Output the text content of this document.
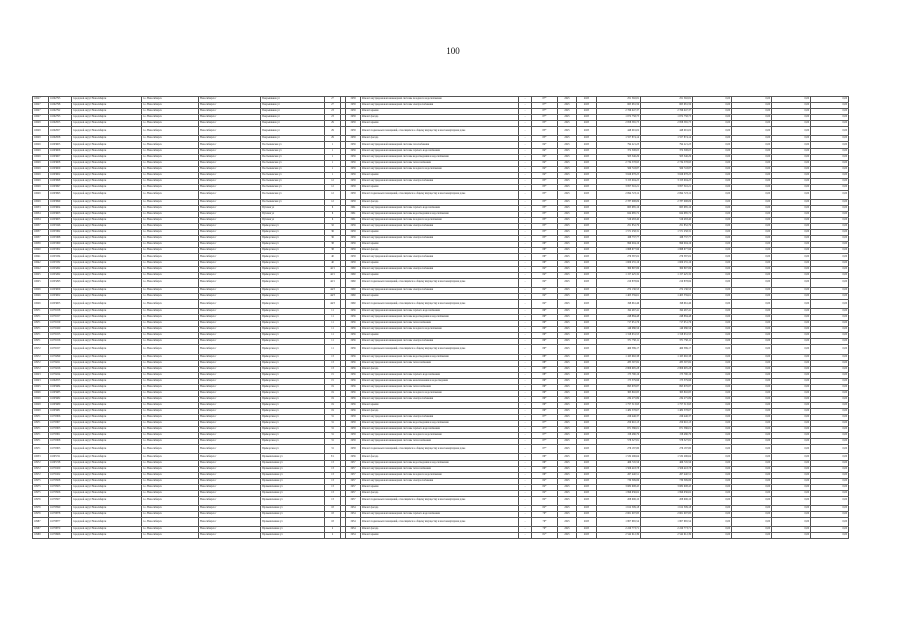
100
10627	11062795	городской округ Новосибирск	г.о. Новосибирск	Новосибирск г	Покрышкина ул	27		1958	Ремонт внутридомовой инженерной системы холодного водоснабжения	-	87*	2025	2025	251 592,81	251 592,81	0,00	0,00	0,00	0,00
10627	11062798	городской округ Новосибирск	г.о. Новосибирск	Новосибирск г	Покрышкина ул	27		1958	Ремонт внутридомовой инженерной системы электроснабжения	-	87*	2025	2025	665 981,59	665 981,59	0,00	0,00	0,00	0,00
10627	11062792	городской округ Новосибирск	г.о. Новосибирск	Новосибирск г	Покрышкина ул	23		1958	Ремонт крыши	-	87*	2025	2025	2 766 047,37	2 766 047,37	0,00	0,00	0,00	0,00
10627	11062793	городской округ Новосибирск	г.о. Новосибирск	Новосибирск г	Покрышкина ул	23		1958	Ремонт фасада	-	87*	2025	2025	1 672 758,75	1 672 758,75	0,00	0,00	0,00	0,00
10628	11062955	городской округ Новосибирск	г.о. Новосибирск	Новосибирск г	Покрышкина ул	29		1958	Ремонт крыши	-	85*	2025	2025	2 858 565,75	2 858 565,75	0,00	0,00	0,00	0,00
10628	11062957	городской округ Новосибирск	г.о. Новосибирск	Новосибирск г	Покрышкина ул	29		1958	Ремонт подвальных помещений, относящихся к общему имуществу в многоквартирном доме	-	85*	2025	2025	448 091,02	448 091,02	0,00	0,00	0,00	0,00
10628	11062958	городской округ Новосибирск	г.о. Новосибирск	Новосибирск г	Покрышкина ул	29		1958	Ремонт фасада	-	85*	2025	2025	1 557 874,14	1 557 874,14	0,00	0,00	0,00	0,00
10629	11063605	городской округ Новосибирск	г.о. Новосибирск	Новосибирск г	Постышевская ул	1		1959	Ремонт внутридомовой инженерной системы газоснабжения	-	84*	2025	2025	794 221,23	794 221,23	0,00	0,00	0,00	0,00
10629	11063606	городской округ Новосибирск	г.о. Новосибирск	Новосибирск г	Постышевская ул	1		1959	Ремонт внутридомовой инженерной системы горячего водоснабжения	-	84*	2025	2025	372 308,05	372 308,05	0,00	0,00	0,00	0,00
10629	11063607	городской округ Новосибирск	г.о. Новосибирск	Новосибирск г	Постышевская ул	1		1959	Ремонт внутридомовой инженерной системы водоотведения и водоснабжения	-	84*	2025	2025	503 346,29	503 346,29	0,00	0,00	0,00	0,00
10629	11063608	городской округ Новосибирск	г.о. Новосибирск	Новосибирск г	Постышевская ул	1		1959	Ремонт внутридомовой инженерной системы теплоснабжения	-	84*	2025	2025	2 734 578,95	2 734 578,95	0,00	0,00	0,00	0,00
10629	11063609	городской округ Новосибирск	г.о. Новосибирск	Новосибирск г	Постышевская ул	1		1959	Ремонт внутридомовой инженерной системы холодного водоснабжения	-	84*	2025	2025	560 743,87	560 743,87	0,00	0,00	0,00	0,00
10629	11063602	городской округ Новосибирск	г.о. Новосибирск	Новосибирск г	Постышевская ул	1		1959	Ремонт крыши	-	84*	2025	2025	3 626 978,25	3 626 978,25	0,00	0,00	0,00	0,00
10629	11063998	городской округ Новосибирск	г.о. Новосибирск	Новосибирск г	Постышевская ул	12		1958	Ремонт внутридомовой инженерной системы электроснабжения	-	85*	2025	2025	3 153 004,25	3 153 004,25	0,00	0,00	0,00	0,00
10629	11063997	городской округ Новосибирск	г.о. Новосибирск	Новосибирск г	Постышевская ул	12		1958	Ремонт крыши	-	85*	2025	2025	3 857 316,21	3 857 316,21	0,00	0,00	0,00	0,00
10629	11063993	городской округ Новосибирск	г.о. Новосибирск	Новосибирск г	Постышевская ул	12		1958	Ремонт подвальных помещений, относящихся к общему имуществу в многоквартирном доме	-	85*	2025	2025	2 694 723,12	2 694 723,12	0,00	0,00	0,00	0,00
10629	11063999	городской округ Новосибирск	г.о. Новосибирск	Новосибирск г	Постышевская ул	12		1958	Ремонт фасада	-	85*	2025	2025	2 787 098,09	2 787 098,09	0,00	0,00	0,00	0,00
10633	11003604	городской округ Новосибирск	г.о. Новосибирск	Новосибирск г	Путевая ул	6		1961	Ремонт внутридомовой инженерной системы горячего водоснабжения	-	83*	2025	2025	665 985,16	665 985,16	0,00	0,00	0,00	0,00
10634	11003603	городской округ Новосибирск	г.о. Новосибирск	Новосибирск г	Путевая ул	6		1961	Ремонт внутридомовой инженерной системы водоотведения и водоснабжения	-	83*	2025	2025	624 985,72	624 985,72	0,00	0,00	0,00	0,00
10634	11003605	городской округ Новосибирск	г.о. Новосибирск	Новосибирск г	Путевая ул	6		1961	Ремонт внутридомовой инженерной системы холодного водоснабжения	-	83*	2025	2025	519 483,40	519 483,40	0,00	0,00	0,00	0,00
10637	11003346	городской округ Новосибирск	г.о. Новосибирск	Новосибирск г	Приморская ул	32		1959	Ремонт внутридомовой инженерной системы электроснабжения	-	85*	2025	2025	251 852,79	251 852,79	0,00	0,00	0,00	0,00
10637	11003362	городской округ Новосибирск	г.о. Новосибирск	Новосибирск г	Приморская ул	36		1958	Ремонт крыши	-	85*	2025	2025	1 571 258,31	1 571 258,31	0,00	0,00	0,00	0,00
10637	11003368	городской округ Новосибирск	г.о. Новосибирск	Новосибирск г	Приморская ул	36		1959	Ремонт внутридомовой инженерной системы электроснабжения	-	85*	2025	2025	168 737,77	168 737,77	0,00	0,00	0,00	0,00
10639	11003360	городской округ Новосибирск	г.о. Новосибирск	Новосибирск г	Приморская ул	38		1959	Ремонт крыши	-	86*	2025	2025	999 004,16	999 004,16	0,00	0,00	0,00	0,00
10640	11003302	городской округ Новосибирск	г.о. Новосибирск	Новосибирск г	Приморская ул	38		1959	Ремонт фасада	-	86*	2025	2025	1 868 677,96	1 868 677,96	0,00	0,00	0,00	0,00
10641	11003334	городской округ Новосибирск	г.о. Новосибирск	Новосибирск г	Приморская ул	40		1958	Ремонт внутридомовой инженерной системы электроснабжения	-	86*	2025	2025	279 387,02	279 387,02	0,00	0,00	0,00	0,00
10642	11003332	городской округ Новосибирск	г.о. Новосибирск	Новосибирск г	Приморская ул	40		1958	Ремонт крыши	-	86*	2025	2025	1 609 255,16	1 609 255,16	0,00	0,00	0,00	0,00
10622	11003262	городской округ Новосибирск	г.о. Новосибирск	Новосибирск г	Приморская ул	42/1		1960	Ремонт внутридомовой инженерной системы электроснабжения	-	84*	2025	2025	360 897,86	360 897,86	0,00	0,00	0,00	0,00
10625	11003262	городской округ Новосибирск	г.о. Новосибирск	Новосибирск г	Приморская ул	42/1		1960	Ремонт крыши	-	84*	2025	2025	1 157 425,32	1 157 425,32	0,00	0,00	0,00	0,00
10625	11003293	городской округ Новосибирск	г.о. Новосибирск	Новосибирск г	Приморская ул	42/1		1960	Ремонт подвальных помещений, относящихся к общему имуществу в многоквартирном доме	-	84*	2025	2025	210 878,84	210 878,84	0,00	0,00	0,00	0,00
10626	11003009	городской округ Новосибирск	г.о. Новосибирск	Новосибирск г	Приморская ул	44/3		1960	Ремонт внутридомовой инженерной системы электроснабжения	-	84*	2025	2025	272 136,53	272 136,53	0,00	0,00	0,00	0,00
10626	11003002	городской округ Новосибирск	г.о. Новосибирск	Новосибирск г	Приморская ул	44/3		1960	Ремонт крыши	-	84*	2025	2025	1 405 559,61	1 405 559,61	0,00	0,00	0,00	0,00
10626	11003005	городской округ Новосибирск	г.о. Новосибирск	Новосибирск г	Приморская ул	44/3		1960	Ремонт подвальных помещений, относящихся к общему имуществу в многоквартирном доме	-	84*	2025	2025	198 661,46	198 661,46	0,00	0,00	0,00	0,00
10971	11079158	городской округ Новосибирск	г.о. Новосибирск	Новосибирск г	Приморская ул	11		1956	Ремонт внутридомовой инженерной системы горячего водоснабжения	-	89*	2025	2025	192 467,41	192 467,41	0,00	0,00	0,00	0,00
10971	11079157	городской округ Новосибирск	г.о. Новосибирск	Новосибирск г	Приморская ул	11		1956	Ремонт внутридомовой инженерной системы водоотведения и водоснабжения	-	89*	2025	2025	248 884,48	248 884,48	0,00	0,00	0,00	0,00
10971	11079159	городской округ Новосибирск	г.о. Новосибирск	Новосибирск г	Приморская ул	11		1956	Ремонт внутридомовой инженерной системы теплоснабжения	-	89*	2025	2025	717 951,76	717 951,76	0,00	0,00	0,00	0,00
10971	11079160	городской округ Новосибирск	г.о. Новосибирск	Новосибирск г	Приморская ул	11		1956	Ремонт внутридомовой инженерной системы холодного водоснабжения	-	89*	2025	2025	149 086,56	149 086,56	0,00	0,00	0,00	0,00
10971	11079155	городской округ Новосибирск	г.о. Новосибирск	Новосибирск г	Приморская ул	11		1956	Ремонт крыши	-	89*	2025	2025	1 318 631,55	1 318 631,55	0,00	0,00	0,00	0,00
10971	11079156	городской округ Новосибирск	г.о. Новосибирск	Новосибирск г	Приморская ул	11		1956	Ремонт внутридомовой инженерной системы электроснабжения	-	89*	2025	2025	371 758,11	371 758,11	0,00	0,00	0,00	0,00
10972	11079157	городской округ Новосибирск	г.о. Новосибирск	Новосибирск г	Приморская ул	11		1956	Ремонт подвальных помещений, относящихся к общему имуществу в многоквартирном доме	-	89*	2025	2025	460 389,17	460 389,17	0,00	0,00	0,00	0,00
10972	11079299	городской округ Новосибирск	г.о. Новосибирск	Новосибирск г	Приморская ул	13		1956	Ремонт внутридомовой инженерной системы водоотведения и водоснабжения	-	88*	2025	2025	1 165 992,38	1 165 992,38	0,00	0,00	0,00	0,00
10972	11079221	городской округ Новосибирск	г.о. Новосибирск	Новосибирск г	Приморская ул	13		1956	Ремонт внутридомовой инженерной системы теплоснабжения	-	88*	2025	2025	285 597,82	285 597,82	0,00	0,00	0,00	0,00
10972	11079226	городской округ Новосибирск	г.о. Новосибирск	Новосибирск г	Приморская ул	13		1956	Ремонт фасада	-	88*	2025	2025	2 806 995,28	2 806 995,28	0,00	0,00	0,00	0,00
10623	11079224	городской округ Новосибирск	г.о. Новосибирск	Новосибирск г	Приморская ул	15		1956	Ремонт внутридомовой инженерной системы горячего водоснабжения	-	88*	2025	2025	175 790,16	175 790,16	0,00	0,00	0,00	0,00
10623	11062055	городской округ Новосибирск	г.о. Новосибирск	Новосибирск г	Приморская ул	15		1956	Ремонт внутридомовой инженерной системы канализования и водоотведения	-	89*	2025	2025	175 379,96	175 379,96	0,00	0,00	0,00	0,00
10625	11065984	городской округ Новосибирск	г.о. Новосибирск	Новосибирск г	Приморская ул	19		1956	Ремонт внутридомовой инженерной системы теплоснабжения	-	89*	2025	2025	695 676,87	695 676,87	0,00	0,00	0,00	0,00
10626	11065985	городской округ Новосибирск	г.о. Новосибирск	Новосибирск г	Приморская ул	19		1956	Ремонт внутридомовой инженерной системы холодного водоснабжения	-	89*	2025	2025	363 802,85	363 802,85	0,00	0,00	0,00	0,00
10626	11065982	городской округ Новосибирск	г.о. Новосибирск	Новосибирск г	Приморская ул	19		1956	Ремонт внутридомовой инженерной системы электроснабжения	-	89*	2025	2025	234 275,89	234 275,89	0,00	0,00	0,00	0,00
10628	11065980	городской округ Новосибирск	г.о. Новосибирск	Новосибирск г	Приморская ул	19		1956	Ремонт крыши	-	89*	2025	2025	1 757 513,93	1 757 513,93	0,00	0,00	0,00	0,00
10628	11065981	городской округ Новосибирск	г.о. Новосибирск	Новосибирск г	Приморская ул	19		1956	Ремонт фасада	-	89*	2025	2025	1 482 578,67	1 482 578,67	0,00	0,00	0,00	0,00
10971	11079306	городской округ Новосибирск	г.о. Новосибирск	Новосибирск г	Приморская ул	31		1958	Ремонт внутридомовой инженерной системы электроснабжения	-	87*	2025	2025	229 446,37	229 446,37	0,00	0,00	0,00	0,00
10971	11079307	городской округ Новосибирск	г.о. Новосибирск	Новосибирск г	Приморская ул	31		1958	Ремонт внутридомовой инженерной системы водоотведения и водоснабжения	-	87*	2025	2025	250 910,13	250 910,13	0,00	0,00	0,00	0,00
10971	11079303	городской округ Новосибирск	г.о. Новосибирск	Новосибирск г	Приморская ул	31		1958	Ремонт внутридомовой инженерной системы горячего водоснабжения	-	87*	2025	2025	671 586,01	671 586,01	0,00	0,00	0,00	0,00
10971	11079301	городской округ Новосибирск	г.о. Новосибирск	Новосибирск г	Приморская ул	31		1958	Ремонт внутридомовой инженерной системы холодного водоснабжения	-	87*	2025	2025	158 486,79	158 486,79	0,00	0,00	0,00	0,00
10971	11079308	городской округ Новосибирск	г.о. Новосибирск	Новосибирск г	Приморская ул	31		1958	Ремонт внутридомовой инженерной системы теплоснабжения	-	87*	2025	2025	578 327,81	578 327,81	0,00	0,00	0,00	0,00
10971	11079305	городской округ Новосибирск	г.о. Новосибирск	Новосибирск г	Приморская ул	31		1958	Ремонт подвальных помещений, относящихся к общему имуществу в многоквартирном доме	-	87*	2025	2025	276 187,80	276 187,80	0,00	0,00	0,00	0,00
10633	11065721	городской округ Новосибирск	г.о. Новосибирск	Новосибирск г	Промышленная ул	3/1		1956	Ремонт фасада	-	86*	2025	2025	1 532 296,64	1 532 296,64	0,00	0,00	0,00	0,00
10972	11065728	городской округ Новосибирск	г.о. Новосибирск	Новосибирск г	Промышленная ул	13		1957	Ремонт внутридомовой инженерной системы водоотведения и водоснабжения	-	86*	2025	2025	466 745,56	466 745,56	0,00	0,00	0,00	0,00
10972	11079100	городской округ Новосибирск	г.о. Новосибирск	Новосибирск г	Промышленная ул	13		1957	Ремонт внутридомовой инженерной системы теплоснабжения	-	86*	2025	2025	1 506 418,78	1 506 418,78	0,00	0,00	0,00	0,00
10972	11079102	городской округ Новосибирск	г.о. Новосибирск	Новосибирск г	Промышленная ул	13		1957	Ремонт внутридомовой инженерной системы холодного водоснабжения	-	86*	2025	2025	267 440,51	267 440,51	0,00	0,00	0,00	0,00
10975	11079508	городской округ Новосибирск	г.о. Новосибирск	Новосибирск г	Промышленная ул	13		1957	Ремонт внутридомовой инженерной системы электроснабжения	-	82*	2025	2025	730 399,86	730 399,86	0,00	0,00	0,00	0,00
10975	11079505	городской округ Новосибирск	г.о. Новосибирск	Новосибирск г	Промышленная ул	13		1957	Ремонт крыши	-	82*	2025	2025	3 682 908,45	3 682 908,45	0,00	0,00	0,00	0,00
10975	11079506	городской округ Новосибирск	г.о. Новосибирск	Новосибирск г	Промышленная ул	13		1957	Ремонт фасада	-	82*	2025	2025	1 996 936,62	1 996 936,62	0,00	0,00	0,00	0,00
10976	11079507	городской округ Новосибирск	г.о. Новосибирск	Новосибирск г	Промышленная ул	13		1957	Ремонт подвальных помещений, относящихся к общему имуществу в многоквартирном доме	-	82*	2025	2025	208 906,10	208 906,10	0,00	0,00	0,00	0,00
10976	11079590	городской округ Новосибирск	г.о. Новосибирск	Новосибирск г	Промышленная ул	18		1954	Ремонт фасада	-	82*	2025	2025	1 612 309,18	1 612 309,18	0,00	0,00	0,00	0,00
10976	11079878	городской округ Новосибирск	г.о. Новосибирск	Новосибирск г	Промышленная ул	18		1954	Ремонт внутридомовой инженерной системы горячего водоснабжения	-	79*	2025	2025	2 601 007,85	2 601 007,85	0,00	0,00	0,00	0,00
10987	11079877	городской округ Новосибирск	г.о. Новосибирск	Новосибирск г	Промышленная ул	18		1954	Ремонт подвальных помещений, относящихся к общему имуществу в многоквартирном доме	-	79*	2025	2025	1 807 665,54	1 807 665,54	0,00	0,00	0,00	0,00
10987	11079870	городской округ Новосибирск	г.о. Новосибирск	Новосибирск г	Промышленная ул	2		1954	Ремонт фасада	-	79*	2025	2025	2 220 773,71	2 220 773,71	0,00	0,00	0,00	0,00
10988	11079966	городской округ Новосибирск	г.о. Новосибирск	Новосибирск г	Промышленная ул	2		1954	Ремонт крыши	-	81*	2025	2025	2 542 912,39	2 542 912,39	0,00	0,00	0,00	0,00
